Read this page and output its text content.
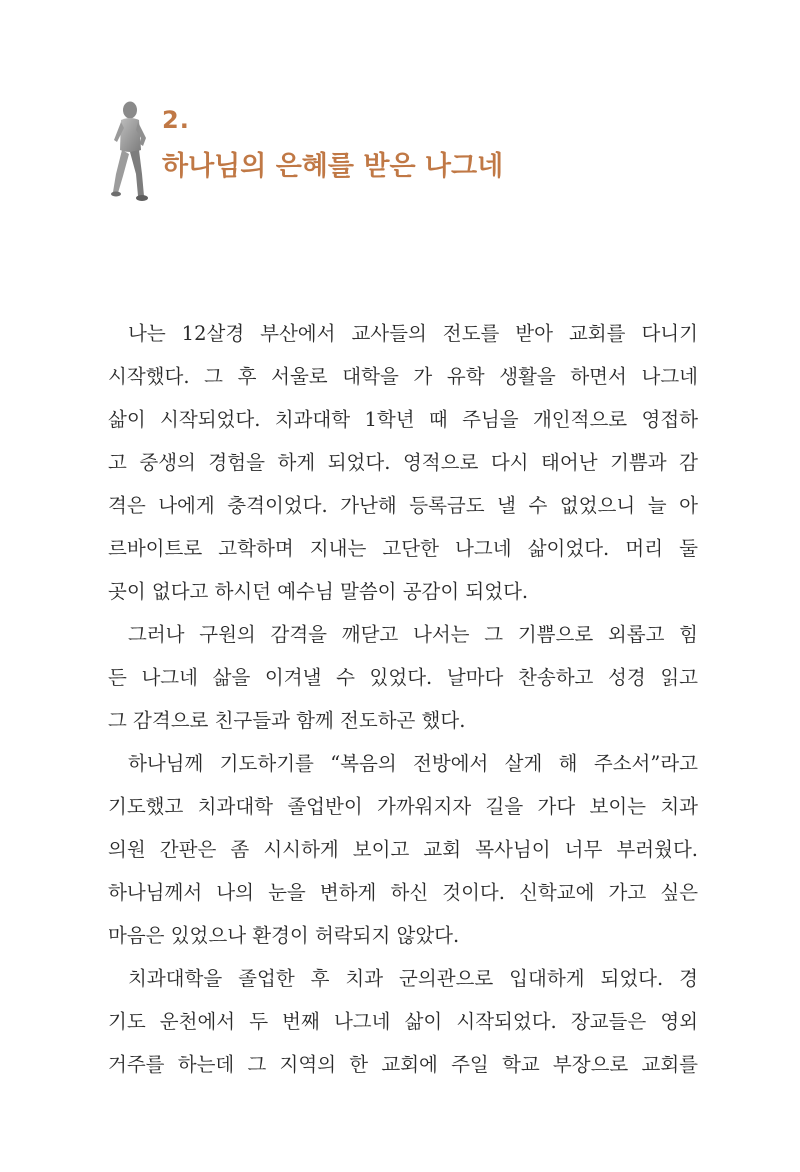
2.
하나님의 은혜를 받은 나그네
나는 12살경 부산에서 교사들의 전도를 받아 교회를 다니기
시작했다. 그 후 서울로 대학을 가 유학 생활을 하면서 나그네
삶이 시작되었다. 치과대학 1학년 때 주님을 개인적으로 영접하
고 중생의 경험을 하게 되었다. 영적으로 다시 태어난 기쁨과 감
격은 나에게 충격이었다. 가난해 등록금도 낼 수 없었으니 늘 아
르바이트로 고학하며 지내는 고단한 나그네 삶이었다. 머리 둘
곳이 없다고 하시던 예수님 말씀이 공감이 되었다.
그러나 구원의 감격을 깨닫고 나서는 그 기쁨으로 외롭고 힘
든 나그네 삶을 이겨낼 수 있었다. 날마다 찬송하고 성경 읽고
그 감격으로 친구들과 함께 전도하곤 했다.
하나님께 기도하기를 “복음의 전방에서 살게 해 주소서”라고
기도했고 치과대학 졸업반이 가까워지자 길을 가다 보이는 치과
의원 간판은 좀 시시하게 보이고 교회 목사님이 너무 부러웠다.
하나님께서 나의 눈을 변하게 하신 것이다. 신학교에 가고 싶은
마음은 있었으나 환경이 허락되지 않았다.
치과대학을 졸업한 후 치과 군의관으로 입대하게 되었다. 경
기도 운천에서 두 번째 나그네 삶이 시작되었다. 장교들은 영외
거주를 하는데 그 지역의 한 교회에 주일 학교 부장으로 교회를
